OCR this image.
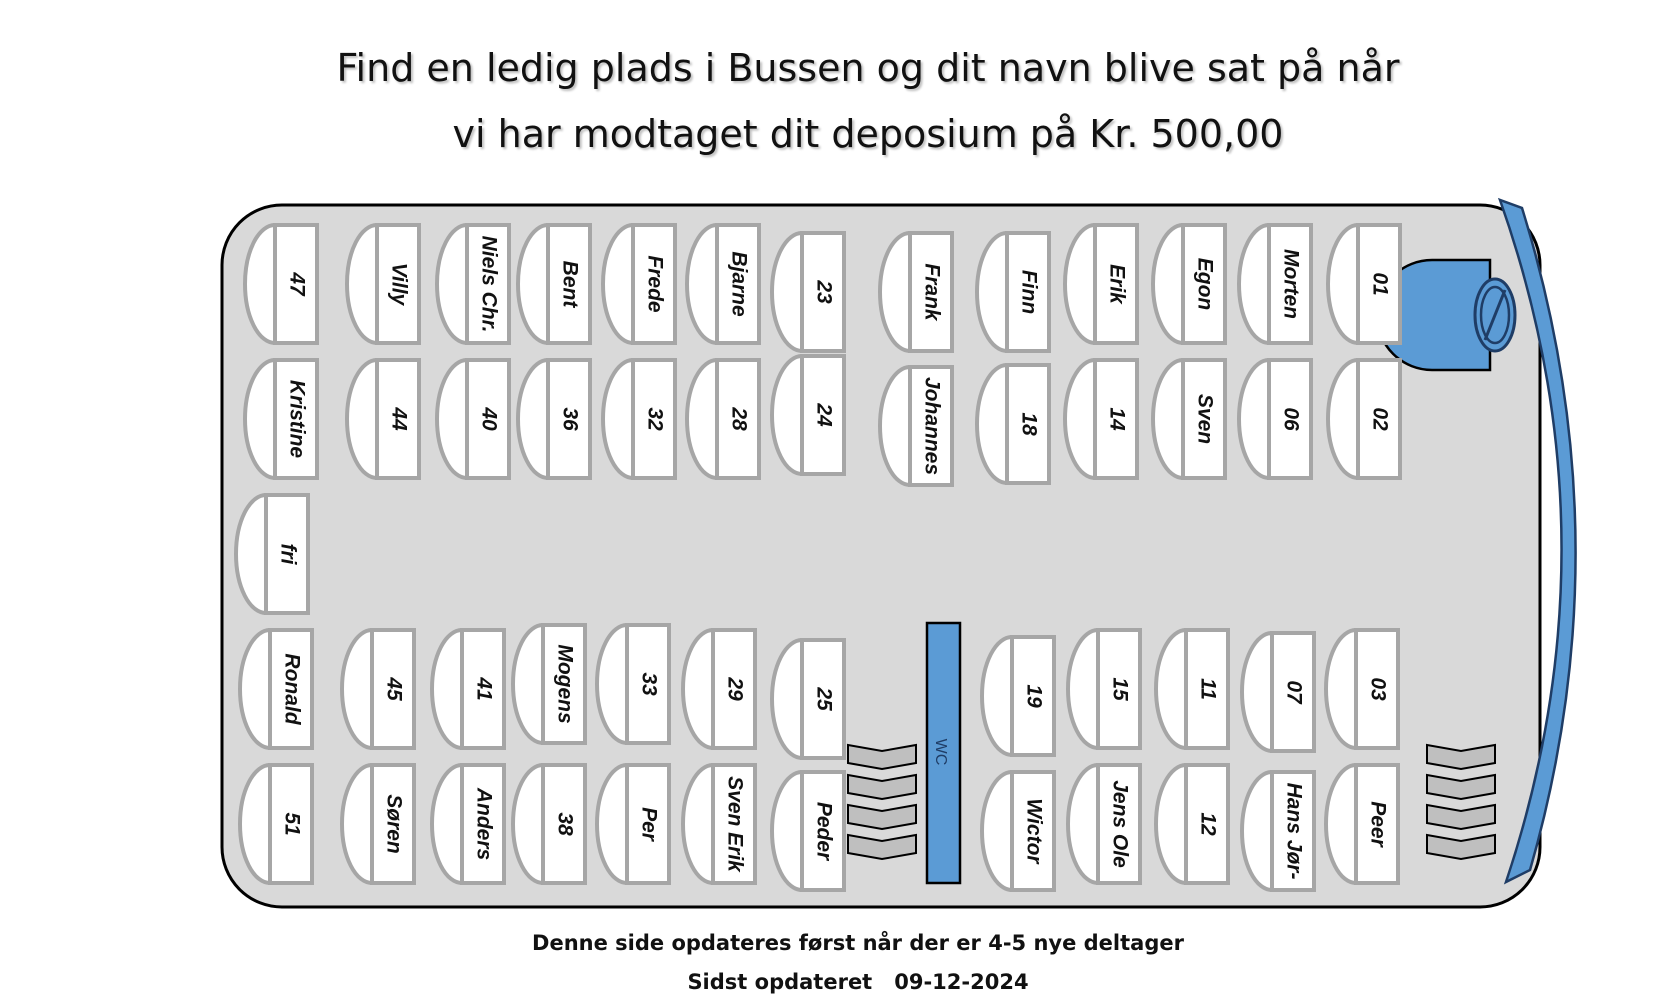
Find en ledig plads i Bussen og dit navn blive sat på når
vi har modtaget dit deposium på Kr. 500,00
WC
47	Villy	Niels Chr.	Bent	Frede	Bjarne	23	Frank	Finn	Erik	Egon	Morten	01
Kristine	44	40	36	32	28	24	Johannes	18	14	Sven	06	02
Ronald	45	41	Mogens	33	29	25	19	15	11	07	03
51	Søren	Anders	38	Per	Sven Erik	Peder	Wictor	Jens Ole	12	Hans Jør-	Peer
fri
Denne side opdateres først når der er 4-5 nye deltager
Sidst opdateret 09-12-2024
